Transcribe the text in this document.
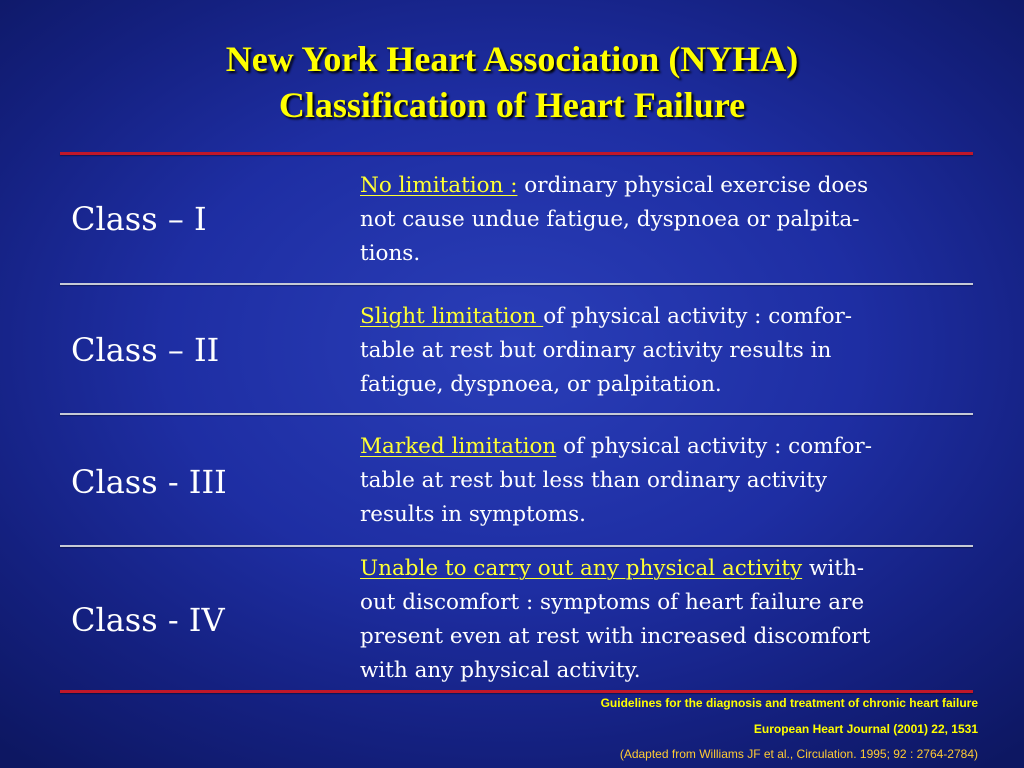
New York Heart Association (NYHA)
Classification of Heart Failure
Class – I
No limitation : ordinary physical exercise does
not cause undue fatigue, dyspnoea or palpita-
tions.
Class – II
Slight limitation of physical activity : comfor-
table at rest but ordinary activity results in
fatigue, dyspnoea, or palpitation.
Class - III
Marked limitation of physical activity : comfor-
table at rest but less than ordinary activity
results in symptoms.
Class - IV
Unable to carry out any physical activity with-
out discomfort : symptoms of heart failure are
present even at rest with increased discomfort
with any physical activity.
Guidelines for the diagnosis and treatment of chronic heart failure
European Heart Journal (2001) 22, 1531
(Adapted from Williams JF et al., Circulation. 1995; 92 : 2764-2784)
